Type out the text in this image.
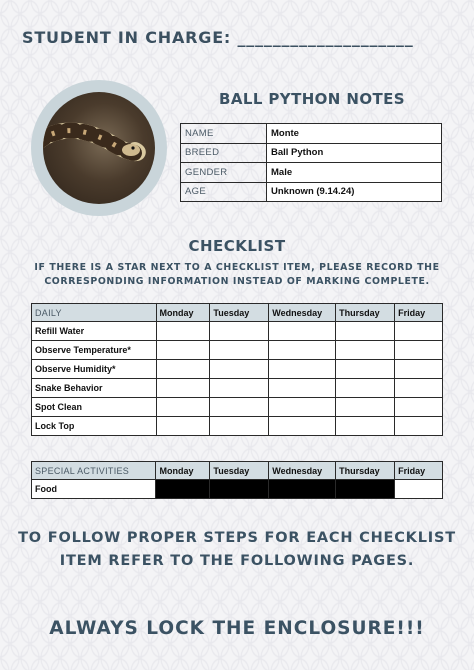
STUDENT IN CHARGE: ____________________
BALL PYTHON NOTES
NAME	Monte
BREED	Ball Python
GENDER	Male
AGE	Unknown (9.14.24)
CHECKLIST
IF THERE IS A STAR NEXT TO A CHECKLIST ITEM, PLEASE RECORD THE CORRESPONDING INFORMATION INSTEAD OF MARKING COMPLETE.
DAILY	Monday	Tuesday	Wednesday	Thursday	Friday
Refill Water					
Observe Temperature*					
Observe Humidity*					
Snake Behavior					
Spot Clean					
Lock Top					
SPECIAL ACTIVITIES	Monday	Tuesday	Wednesday	Thursday	Friday
Food					
TO FOLLOW PROPER STEPS FOR EACH CHECKLIST ITEM REFER TO THE FOLLOWING PAGES.
ALWAYS LOCK THE ENCLOSURE!!!
